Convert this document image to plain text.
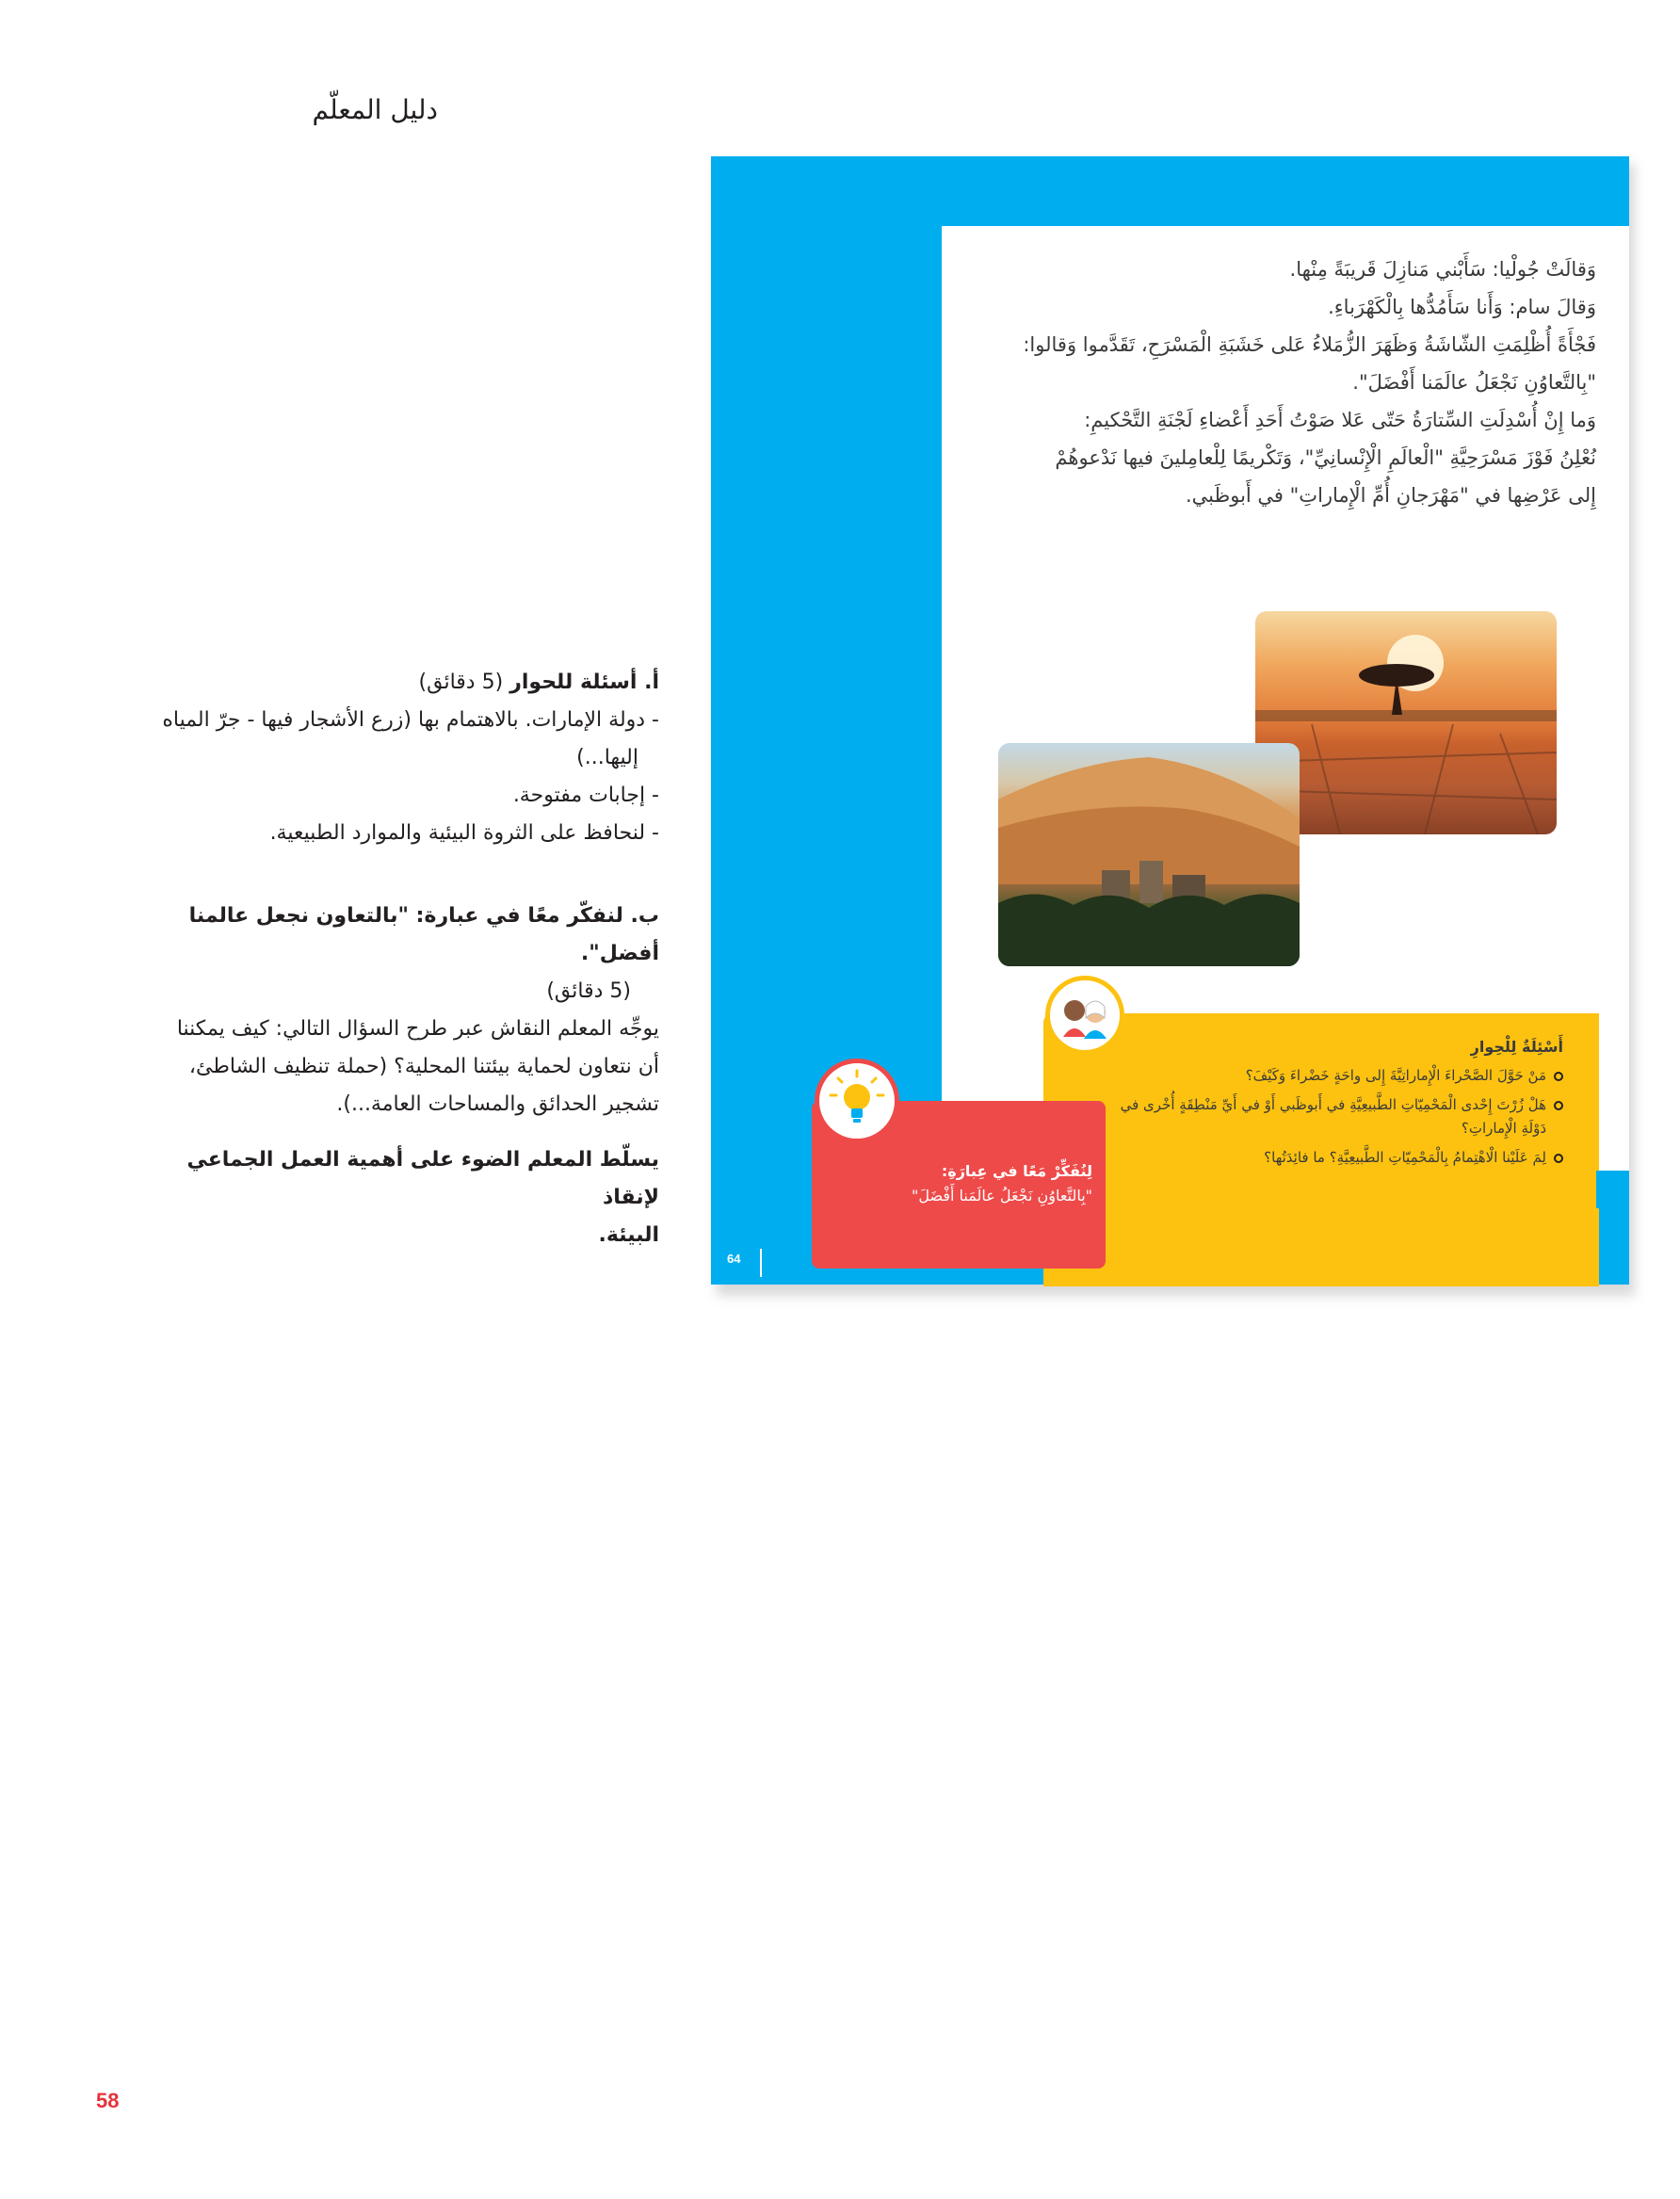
دليل المعلّم

أ. أسئلة للحوار (5 دقائق)

- دولة الإمارات. بالاهتمام بها (زرع الأشجار فيها - جرّ المياه

إليها...)

- إجابات مفتوحة.

- لنحافظ على الثروة البيئية والموارد الطبيعية.

ب. لنفكّر معًا في عبارة: "بالتعاون نجعل عالمنا أفضل".

(5 دقائق)

يوجِّه المعلم النقاش عبر طرح السؤال التالي: كيف يمكننا

أن نتعاون لحماية بيئتنا المحلية؟ (حملة تنظيف الشاطئ،

تشجير الحدائق والمساحات العامة...).

يسلّط المعلم الضوء على أهمية العمل الجماعي لإنقاذ

البيئة.

وَقالَتْ جُولْيا: سَأَبْني مَنازِلَ قَريبَةً مِنْها.

وَقالَ سام: وَأَنا سَأَمُدُّها بِالْكَهْرَباءِ.

فَجْأَةً أُظْلِمَتِ الشّاشَةُ وَظَهَرَ الزُّمَلاءُ عَلى خَشَبَةِ الْمَسْرَحِ، تَقَدَّموا وَقالوا:

"بِالتَّعاوُنِ نَجْعَلُ عالَمَنا أَفْضَلَ".

وَما إِنْ أُسْدِلَتِ السِّتارَةُ حَتّى عَلا صَوْتُ أَحَدِ أَعْضاءِ لَجْنَةِ التَّحْكيمِ:

نُعْلِنُ فَوْزَ مَسْرَحِيَّةِ "الْعالَمِ الْإِنْسانِيِّ"، وَتَكْريمًا لِلْعامِلينَ فيها نَدْعوهُمْ

إِلى عَرْضِها في "مَهْرَجانِ أُمِّ الْإِماراتِ" في أَبوظَبي.

أَسْئِلَةٌ لِلْحِوارِ
مَنْ حَوَّلَ الصَّحْراءَ الْإِماراتِيَّةَ إِلى واحَةٍ خَضْراءَ وَكَيْفَ؟
هَلْ زُرْتَ إِحْدى الْمَحْمِيّاتِ الطَّبيعِيَّةِ في أَبوظَبي أَوْ في أَيِّ مَنْطِقَةٍ أُخْرى في دَوْلَةِ الْإِماراتِ؟
لِمَ عَلَيْنا الْاهْتِمامُ بِالْمَحْمِيّاتِ الطَّبيعِيَّةِ؟ ما فائِدَتُها؟
لِنُفَكِّرْ مَعًا في عِبارَةِ:
"بِالتَّعاوُنِ نَجْعَلُ عالَمَنا أَفْضَلَ"
64
58
